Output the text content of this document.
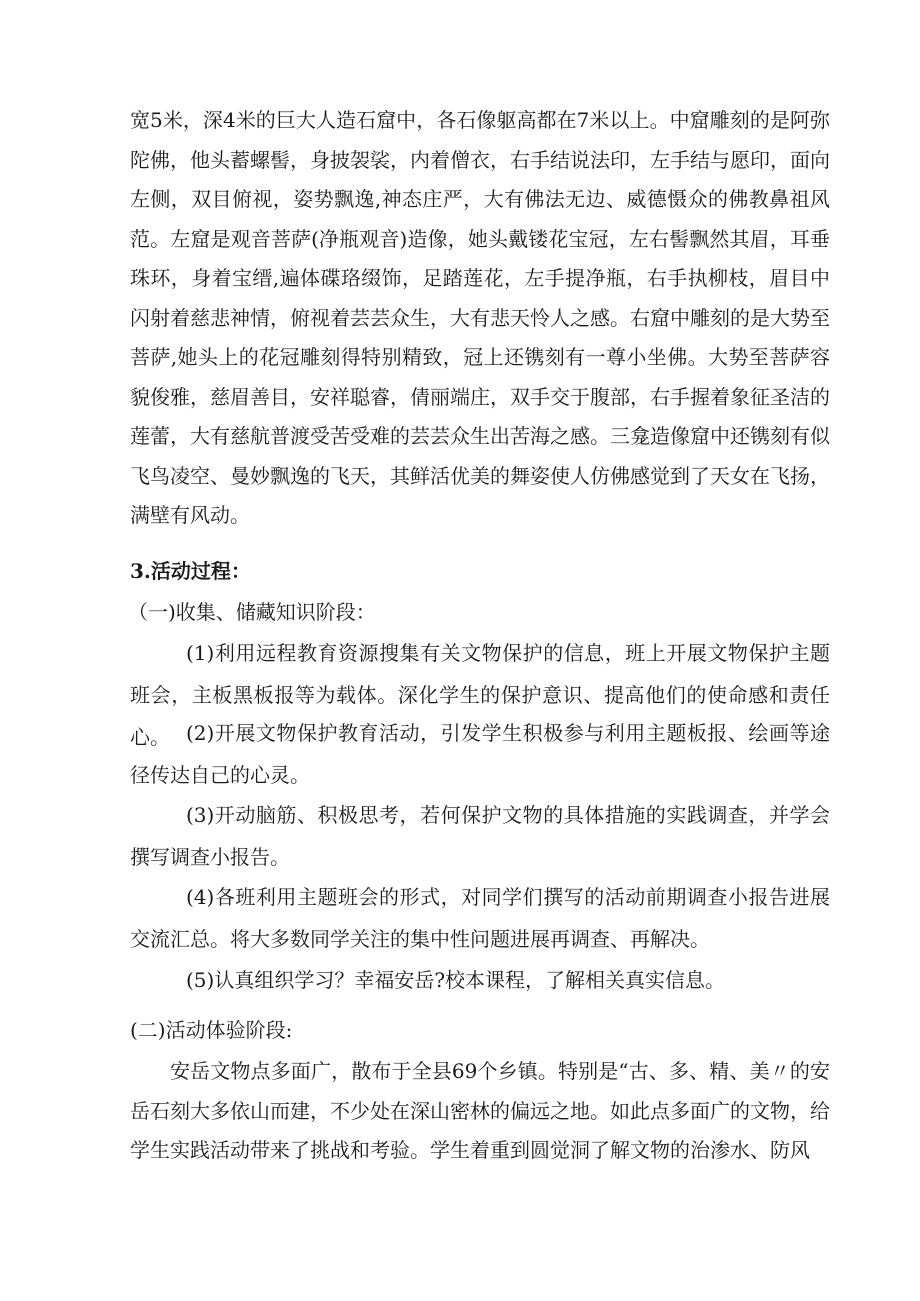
宽5米，深4米的巨大人造石窟中，各石像躯高都在7米以上。中窟雕刻的是阿弥陀佛，他头蓄螺髻，身披袈裟，内着僧衣，右手结说法印，左手结与愿印，面向左侧，双目俯视，姿势飘逸,神态庄严，大有佛法无边、威德慑众的佛教鼻祖风范。左窟是观音菩萨(净瓶观音)造像，她头戴镂花宝冠，左右髻飘然其眉，耳垂珠环，身着宝缙,遍体碟珞缀饰，足踏莲花，左手提净瓶，右手执柳枝，眉目中闪射着慈悲神情，俯视着芸芸众生，大有悲天怜人之感。右窟中雕刻的是大势至菩萨,她头上的花冠雕刻得特别精致，冠上还镌刻有一尊小坐佛。大势至菩萨容貌俊雅，慈眉善目，安祥聪睿，倩丽端庄，双手交于腹部，右手握着象征圣洁的莲蕾，大有慈航普渡受苦受难的芸芸众生出苦海之感。三龛造像窟中还镌刻有似飞鸟凌空、曼妙飘逸的飞天，其鲜活优美的舞姿使人仿佛感觉到了天女在飞扬，满壁有风动。

3.活动过程：

（一)收集、储藏知识阶段：

(1)利用远程教育资源搜集有关文物保护的信息，班上开展文物保护主题班会，主板黑板报等为载体。深化学生的保护意识、提高他们的使命感和责任心。 (2)开展文物保护教育活动，引发学生积极参与利用主题板报、绘画等途径传达自己的心灵。

(3)开动脑筋、积极思考，若何保护文物的具体措施的实践调查，并学会撰写调查小报告。

(4)各班利用主题班会的形式，对同学们撰写的活动前期调查小报告进展交流汇总。将大多数同学关注的集中性问题进展再调查、再解决。

(5)认真组织学习？幸福安岳?校本课程，了解相关真实信息。

(二)活动体验阶段:

安岳文物点多面广，散布于全县69个乡镇。特别是“古、多、精、美〃的安岳石刻大多依山而建，不少处在深山密林的偏远之地。如此点多面广的文物，给学生实践活动带来了挑战和考验。学生着重到圆觉洞了解文物的治渗水、防风
